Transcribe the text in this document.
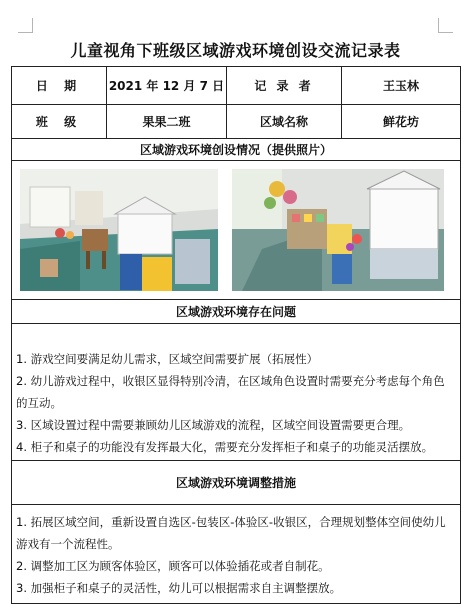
儿童视角下班级区域游戏环境创设交流记录表
日 期	2021 年 12 月 7 日	记 录 者	王玉林
班 级	果果二班	区域名称	鲜花坊
区域游戏环境创设情况（提供照片）			

区域游戏环境存在问题			

1. 游戏空间要满足幼儿需求，区域空间需要扩展（拓展性）

2. 幼儿游戏过程中，收银区显得特别冷清，在区域角色设置时需要充分考虑每个角色的互动。

3. 区域设置过程中需要兼顾幼儿区域游戏的流程，区域空间设置需要更合理。

4. 柜子和桌子的功能没有发挥最大化，需要充分发挥柜子和桌子的功能灵活摆放。			

区域游戏环境调整措施			

1. 拓展区域空间，重新设置自选区-包装区-体验区-收银区，合理规划整体空间使幼儿游戏有一个流程性。

2. 调整加工区为顾客体验区，顾客可以体验插花或者自制花。

3. 加强柜子和桌子的灵活性，幼儿可以根据需求自主调整摆放。			
